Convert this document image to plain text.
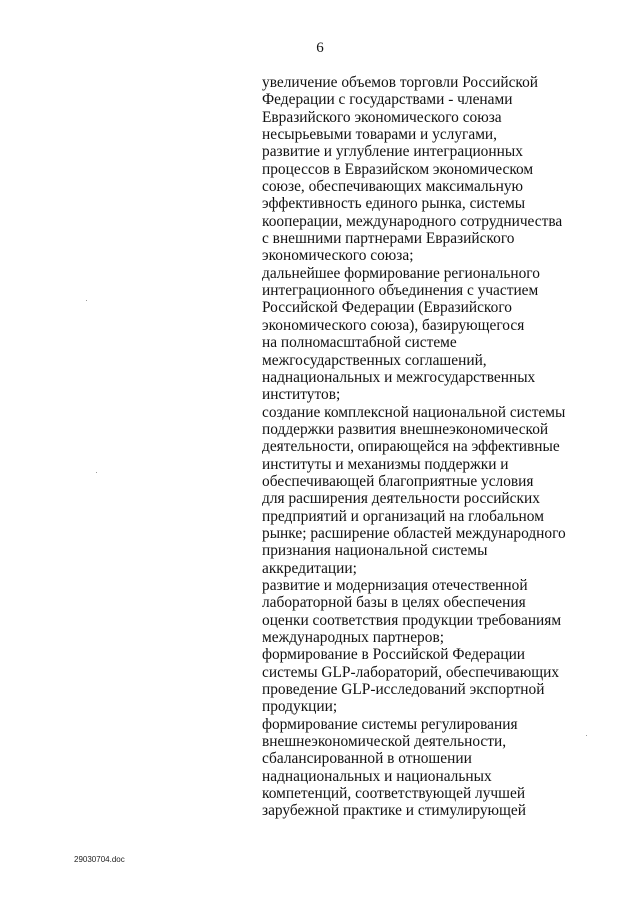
6
увеличение объемов торговли Российской
Федерации с государствами - членами
Евразийского экономического союза
несырьевыми товарами и услугами,
развитие и углубление интеграционных
процессов в Евразийском экономическом
союзе, обеспечивающих максимальную
эффективность единого рынка, системы
кооперации, международного сотрудничества
с внешними партнерами Евразийского
экономического союза;
дальнейшее формирование регионального
интеграционного объединения с участием
Российской Федерации (Евразийского
экономического союза), базирующегося
на полномасштабной системе
межгосударственных соглашений,
наднациональных и межгосударственных
институтов;
создание комплексной национальной системы
поддержки развития внешнеэкономической
деятельности, опирающейся на эффективные
институты и механизмы поддержки и
обеспечивающей благоприятные условия
для расширения деятельности российских
предприятий и организаций на глобальном
рынке; расширение областей международного
признания национальной системы
аккредитации;
развитие и модернизация отечественной
лабораторной базы в целях обеспечения
оценки соответствия продукции требованиям
международных партнеров;
формирование в Российской Федерации
системы GLP-лабораторий, обеспечивающих
проведение GLP-исследований экспортной
продукции;
формирование системы регулирования
внешнеэкономической деятельности,
сбалансированной в отношении
наднациональных и национальных
компетенций, соответствующей лучшей
зарубежной практике и стимулирующей
29030704.doc
